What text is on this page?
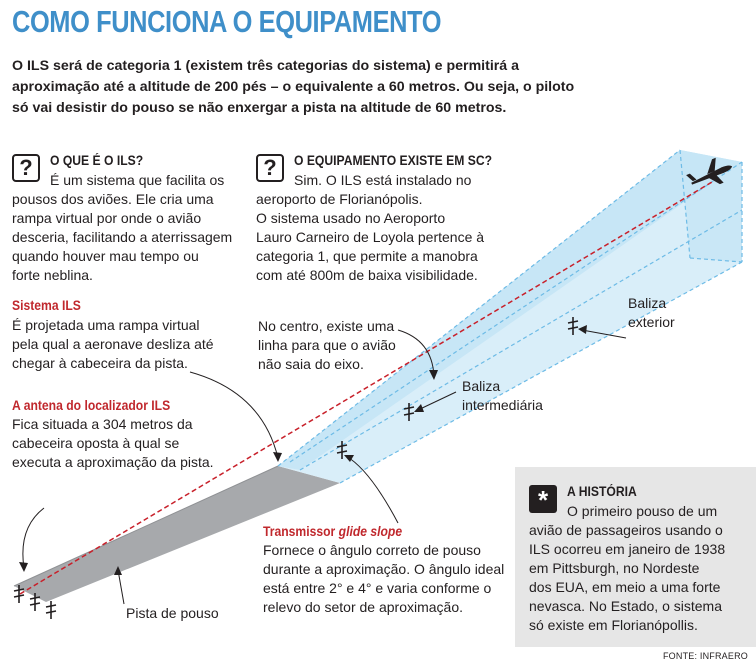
COMO FUNCIONA O EQUIPAMENTO

O ILS será de categoria 1 (existem três categorias do sistema) e permitirá a

aproximação até a altitude de 200 pés – o equivalente a 60 metros. Ou seja, o piloto

só vai desistir do pouso se não enxergar a pista na altitude de 60 metros.

?	O QUE É O ILS?

É um sistema que facilita os

pousos dos aviões. Ele cria uma

rampa virtual por onde o avião

desceria, facilitando a aterrissagem

quando houver mau tempo ou

forte neblina.

?	O EQUIPAMENTO EXISTE EM SC?

Sim. O ILS está instalado no

aeroporto de Florianópolis.

O sistema usado no Aeroporto

Lauro Carneiro de Loyola pertence à

categoria 1, que permite a manobra

com até 800m de baixa visibilidade.

Sistema ILS

É projetada uma rampa virtual

pela qual a aeronave desliza até

chegar à cabeceira da pista.

A antena do localizador ILS

Fica situada a 304 metros da

cabeceira oposta à qual se

executa a aproximação da pista.

No centro, existe uma

linha para que o avião

não saia do eixo.

Baliza

exterior

Baliza

intermediária

Transmissor glide slope

Fornece o ângulo correto de pouso

durante a aproximação. O ângulo ideal

está entre 2° e 4° e varia conforme o

relevo do setor de aproximação.

Pista de pouso
*	A HISTÓRIA

O primeiro pouso de um

avião de passageiros usando o

ILS ocorreu em janeiro de 1938

em Pittsburgh, no Nordeste

dos EUA, em meio a uma forte

nevasca. No Estado, o sistema

só existe em Florianópollis.

FONTE: INFRAERO
